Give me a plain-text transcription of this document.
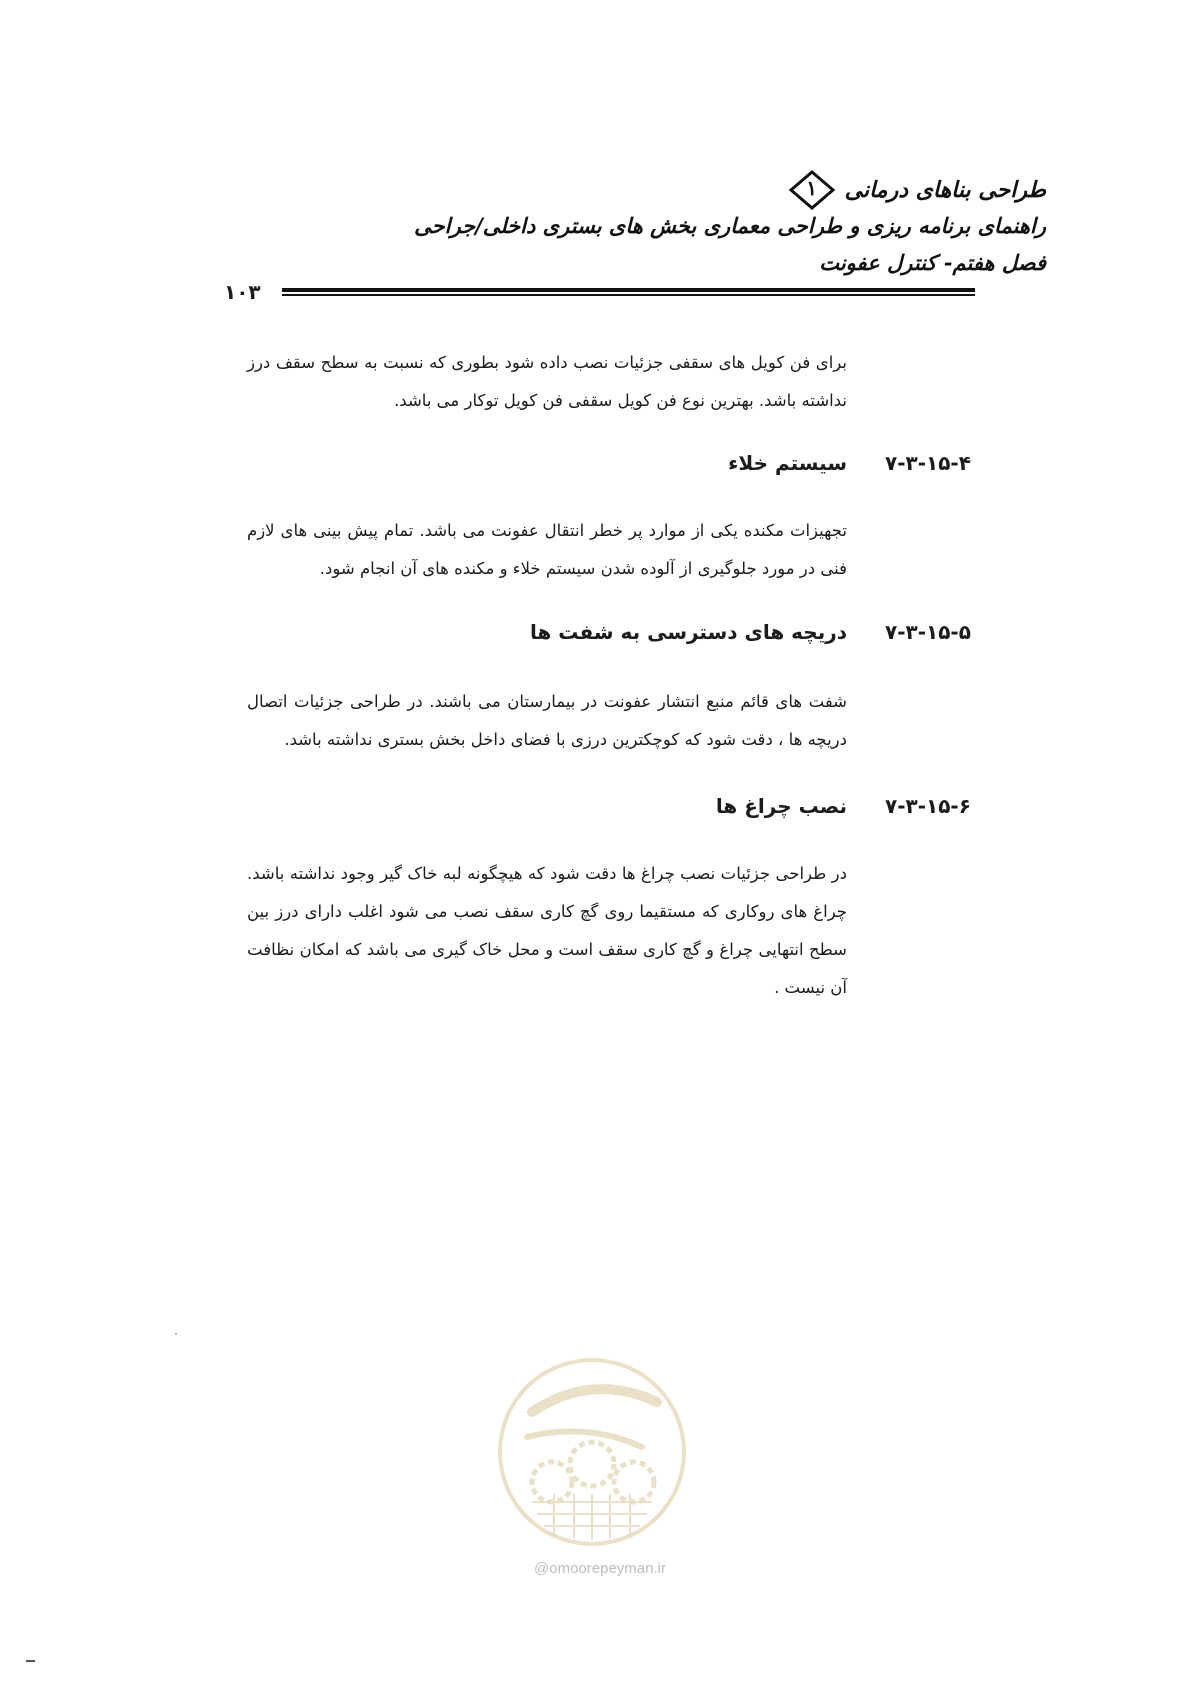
طراحی بناهای درمانی
۱
راهنمای برنامه ریزی و طراحی معماری بخش های بستری داخلی/جراحی
فصل هفتم- کنترل عفونت
۱۰۳
برای فن کویل های سقفی جزئیات نصب داده شود بطوری که نسبت به سطح سقف درز نداشته باشد. بهترین نوع فن کویل سقفی فن کویل توکار می باشد.
۷-۳-۱۵-۴
سیستم خلاء
تجهیزات مکنده یکی از موارد پر خطر انتقال عفونت می باشد. تمام پیش بینی های لازم فنی در مورد جلوگیری از آلوده شدن سیستم خلاء و مکنده های آن انجام شود.
۷-۳-۱۵-۵
دریچه های دسترسی به شفت ها
شفت های قائم منبع انتشار عفونت در بیمارستان می باشند. در طراحی جزئیات اتصال دریچه ها ، دقت شود که کوچکترین درزی با فضای داخل بخش بستری نداشته باشد.
۷-۳-۱۵-۶
نصب چراغ ها
در طراحی جزئیات نصب چراغ ها دقت شود که هیچگونه لبه خاک گیر وجود نداشته باشد. چراغ های روکاری که مستقیما روی گچ کاری سقف نصب می شود اغلب دارای درز بین سطح انتهایی چراغ و گچ کاری سقف است و محل خاک گیری می باشد که امکان نظافت آن نیست .
@omoorepeyman.ir
